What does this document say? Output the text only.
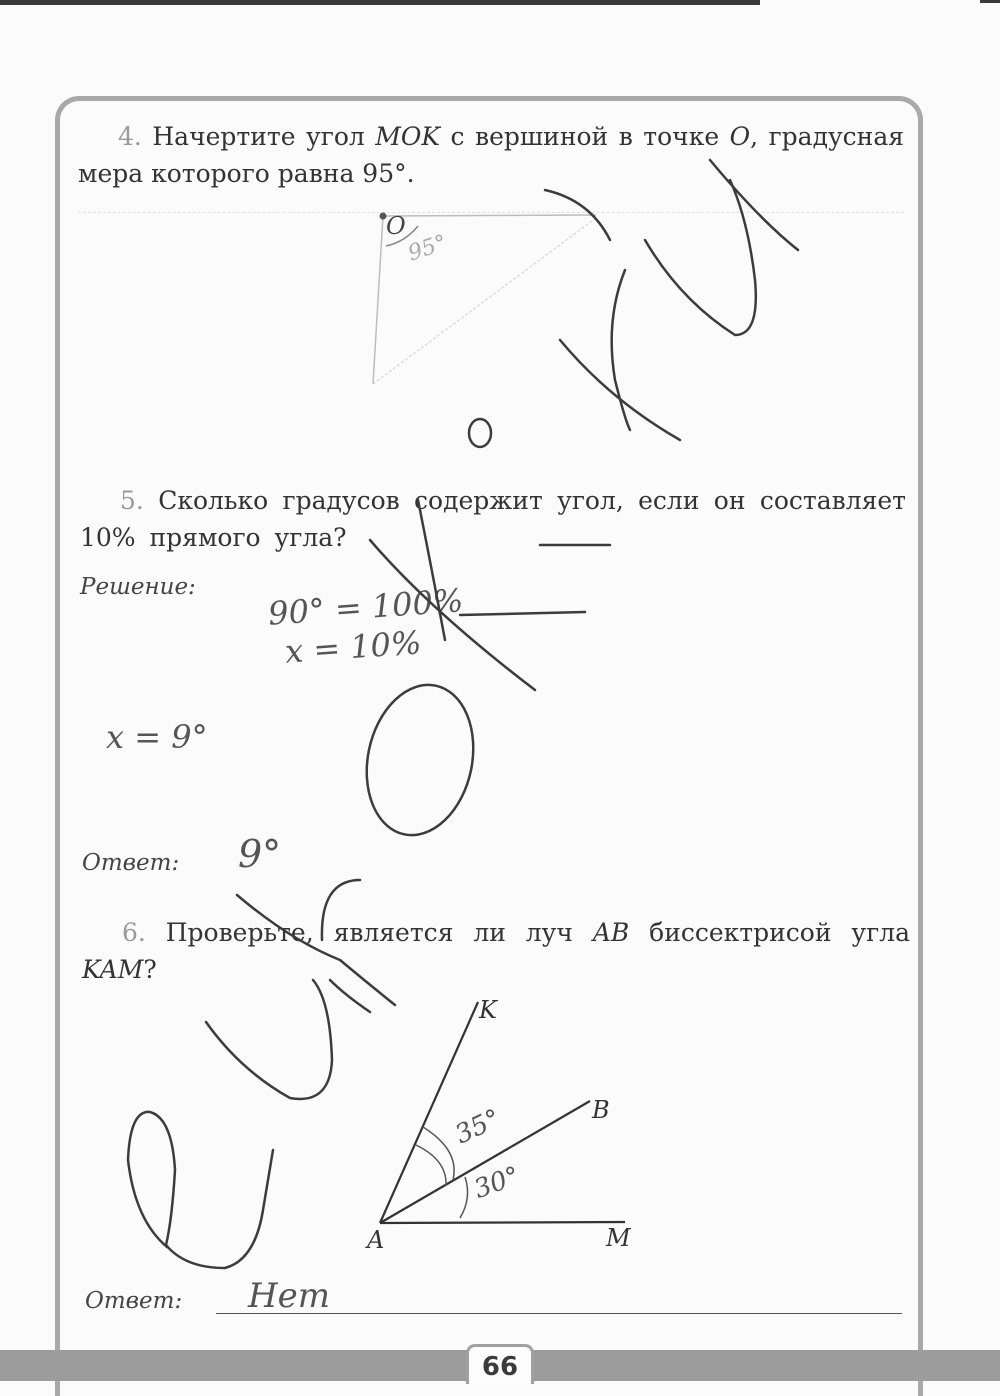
4. Начертите угол MOK с вершиной в точке O, градусная мера которого равна 95°.
O
95°
5. Сколько градусов содержит угол, если он составляет 10% прямого угла?
Решение: 90° = 100%
x = 10%
x = 9°
Ответ: 9°
6. Проверьте, является ли луч AB биссектрисой угла KAM?
K
B
A	M
35°
30°
Ответ: Нет
66
